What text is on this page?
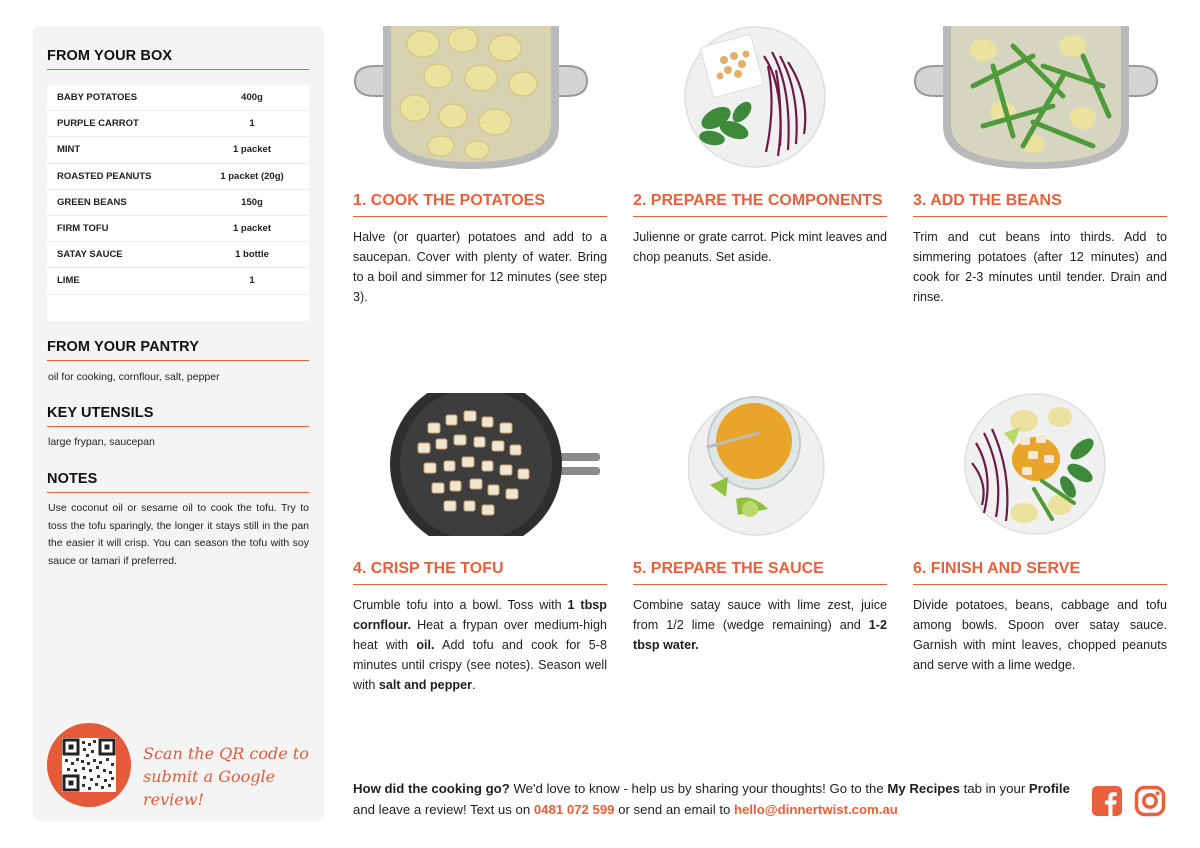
FROM YOUR BOX
BABY POTATOES	400g
PURPLE CARROT	1
MINT	1 packet
ROASTED PEANUTS	1 packet (20g)
GREEN BEANS	150g
FIRM TOFU	1 packet
SATAY SAUCE	1 bottle
LIME	1
FROM YOUR PANTRY
oil for cooking, cornflour, salt, pepper
KEY UTENSILS
large frypan, saucepan
NOTES
Use coconut oil or sesame oil to cook the tofu. Try to toss the tofu sparingly, the longer it stays still in the pan the easier it will crisp. You can season the tofu with soy sauce or tamari if preferred.
Scan the QR code to
submit a Google review!
1. COOK THE POTATOES
Halve (or quarter) potatoes and add to a saucepan. Cover with plenty of water. Bring to a boil and simmer for 12 minutes (see step 3).
2. PREPARE THE COMPONENTS
Julienne or grate carrot. Pick mint leaves and chop peanuts. Set aside.
3. ADD THE BEANS
Trim and cut beans into thirds. Add to simmering potatoes (after 12 minutes) and cook for 2-3 minutes until tender. Drain and rinse.
4. CRISP THE TOFU
Crumble tofu into a bowl. Toss with 1 tbsp cornflour. Heat a frypan over medium-high heat with oil. Add tofu and cook for 5-8 minutes until crispy (see notes). Season well with salt and pepper.
5. PREPARE THE SAUCE
Combine satay sauce with lime zest, juice from 1/2 lime (wedge remaining) and 1-2 tbsp water.
6. FINISH AND SERVE
Divide potatoes, beans, cabbage and tofu among bowls. Spoon over satay sauce. Garnish with mint leaves, chopped peanuts and serve with a lime wedge.
How did the cooking go? We'd love to know - help us by sharing your thoughts! Go to the My Recipes tab in your Profile and leave a review! Text us on 0481 072 599 or send an email to hello@dinnertwist.com.au
